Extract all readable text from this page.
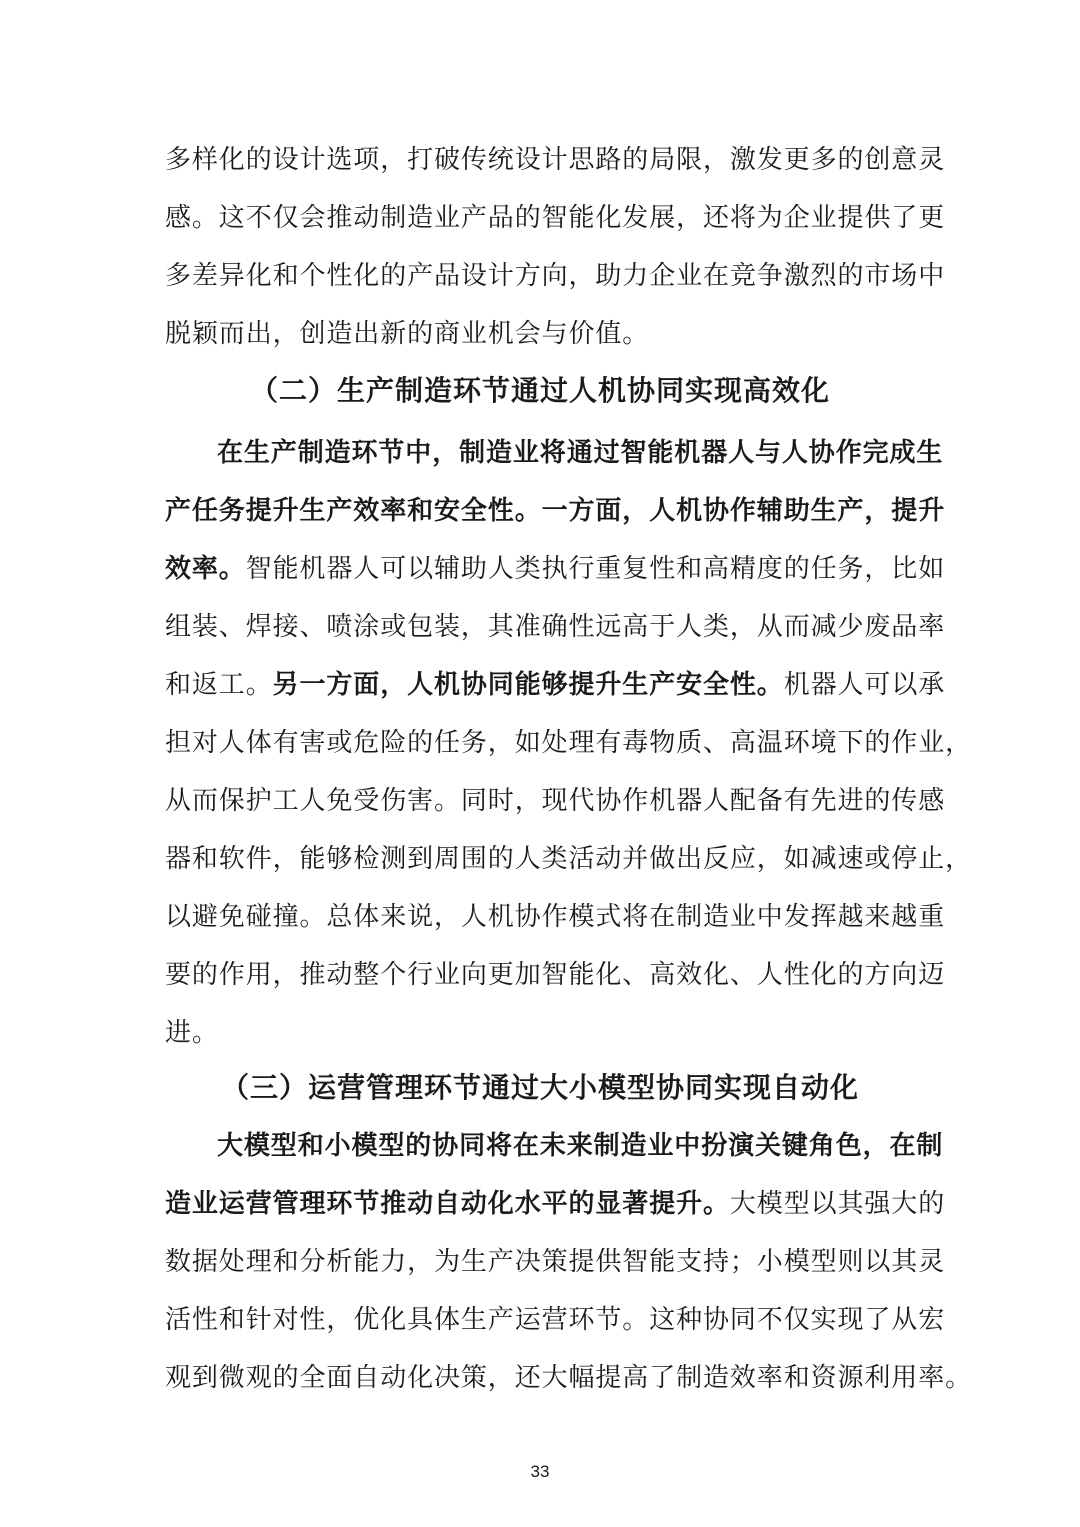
多样化的设计选项，打破传统设计思路的局限，激发更多的创意灵
感。这不仅会推动制造业产品的智能化发展，还将为企业提供了更
多差异化和个性化的产品设计方向，助力企业在竞争激烈的市场中
脱颖而出，创造出新的商业机会与价值。
（二）生产制造环节通过人机协同实现高效化
在生产制造环节中，制造业将通过智能机器人与人协作完成生
产任务提升生产效率和安全性。一方面，人机协作辅助生产，提升
效率。智能机器人可以辅助人类执行重复性和高精度的任务，比如
组装、焊接、喷涂或包装，其准确性远高于人类，从而减少废品率
和返工。另一方面，人机协同能够提升生产安全性。机器人可以承
担对人体有害或危险的任务，如处理有毒物质、高温环境下的作业，
从而保护工人免受伤害。同时，现代协作机器人配备有先进的传感
器和软件，能够检测到周围的人类活动并做出反应，如减速或停止，
以避免碰撞。总体来说，人机协作模式将在制造业中发挥越来越重
要的作用，推动整个行业向更加智能化、高效化、人性化的方向迈
进。
（三）运营管理环节通过大小模型协同实现自动化
大模型和小模型的协同将在未来制造业中扮演关键角色，在制
造业运营管理环节推动自动化水平的显著提升。大模型以其强大的
数据处理和分析能力，为生产决策提供智能支持；小模型则以其灵
活性和针对性，优化具体生产运营环节。这种协同不仅实现了从宏
观到微观的全面自动化决策，还大幅提高了制造效率和资源利用率。
33
